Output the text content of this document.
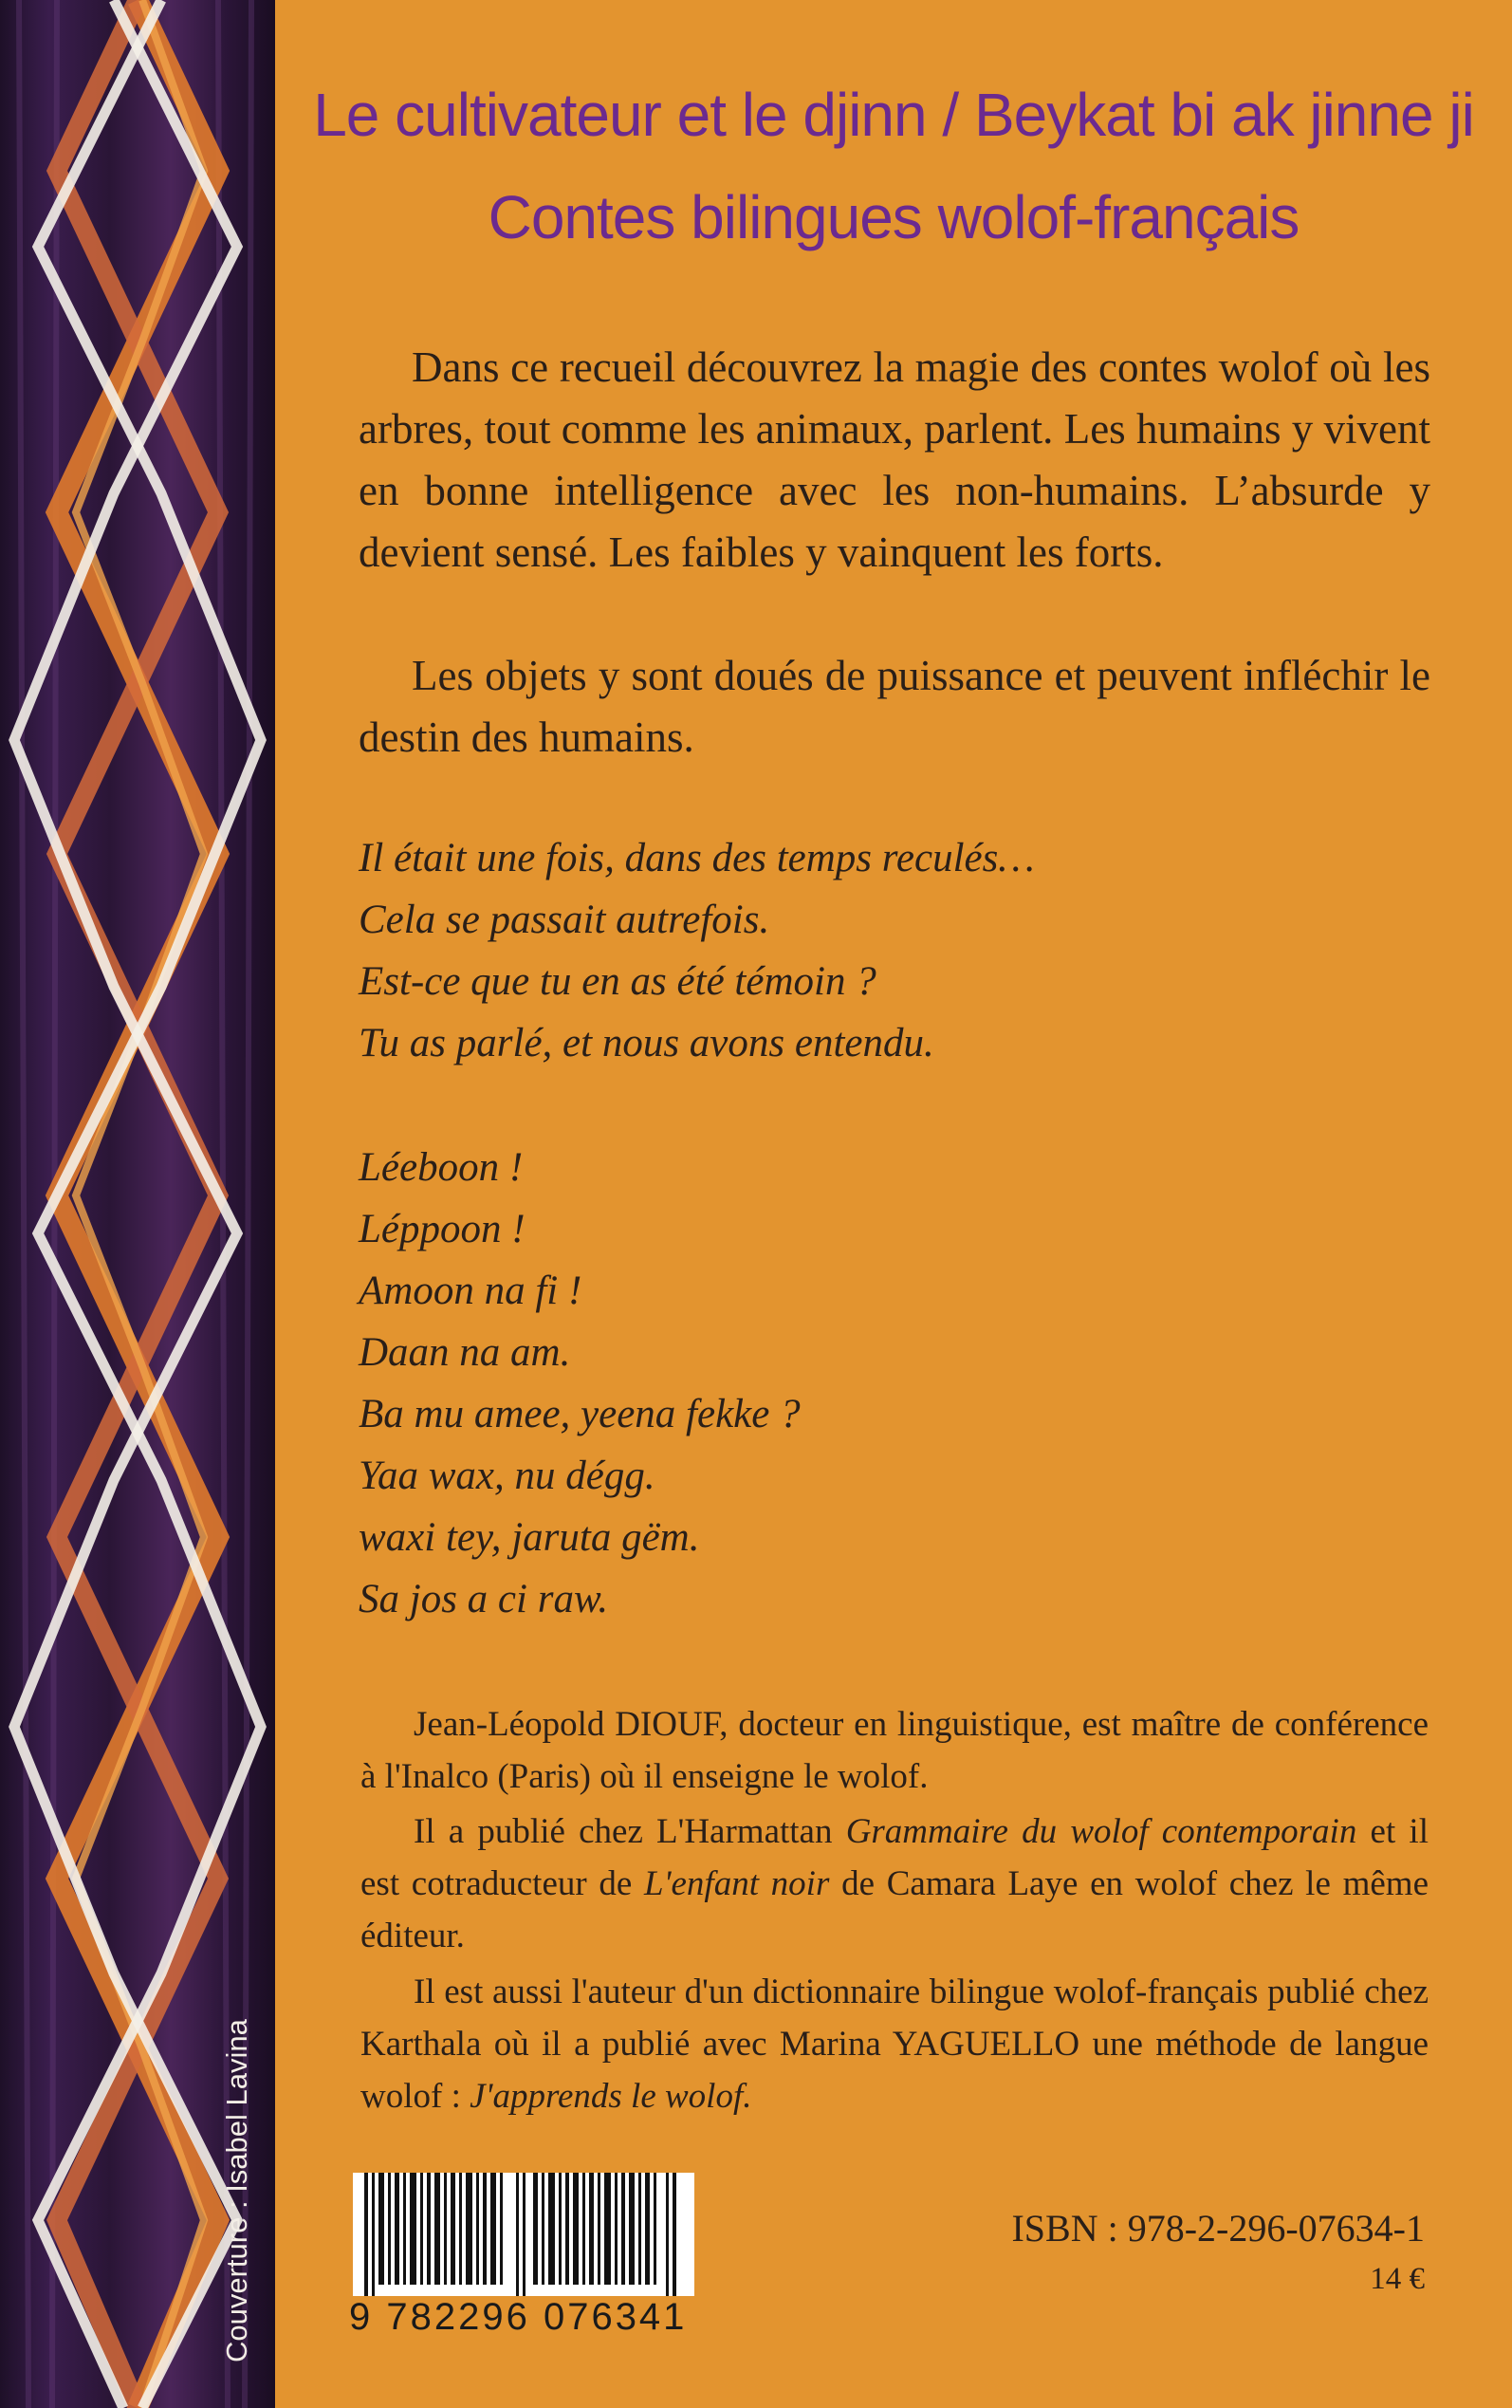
Couverture : Isabel Lavina
Le cultivateur et le djinn / Beykat bi ak jinne ji
Contes bilingues wolof-français

Dans ce recueil découvrez la magie des contes wolof où les arbres, tout comme les animaux, parlent. Les humains y vivent en bonne intelligence avec les non-humains. L’absurde y devient sensé. Les faibles y vainquent les forts.

Les objets y sont doués de puissance et peuvent infléchir le destin des humains.

Il était une fois, dans des temps reculés…
Cela se passait autrefois.
Est-ce que tu en as été témoin ?
Tu as parlé, et nous avons entendu.
Léeboon !
Léppoon !
Amoon na fi !
Daan na am.
Ba mu amee, yeena fekke ?
Yaa wax, nu dégg.
waxi tey, jaruta gëm.
Sa jos a ci raw.

Jean-Léopold DIOUF, docteur en linguistique, est maître de conférence à l'Inalco (Paris) où il enseigne le wolof.

Il a publié chez L'Harmattan Grammaire du wolof contemporain et il est cotraducteur de L'enfant noir de Camara Laye en wolof chez le même éditeur.

Il est aussi l'auteur d'un dictionnaire bilingue wolof-français publié chez Karthala où il a publié avec Marina YAGUELLO une méthode de langue wolof : J'apprends le wolof.

9 782296 076341
ISBN : 978-2-296-07634-1
14 €
